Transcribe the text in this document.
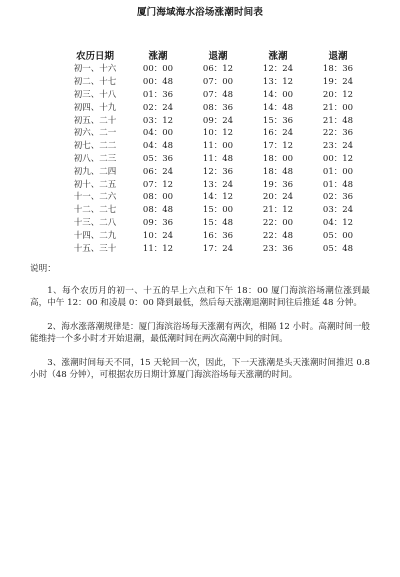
厦门海域海水浴场涨潮时间表
农历日期	涨潮	退潮	涨潮	退潮
初一、十六	00：00	06：12	12：24	18：36
初二、十七	00：48	07：00	13：12	19：24
初三、十八	01：36	07：48	14：00	20：12
初四、十九	02：24	08：36	14：48	21：00
初五、二十	03：12	09：24	15：36	21：48
初六、二一	04：00	10：12	16：24	22：36
初七、二二	04：48	11：00	17：12	23：24
初八、二三	05：36	11：48	18：00	00：12
初九、二四	06：24	12：36	18：48	01：00
初十、二五	07：12	13：24	19：36	01：48
十一、二六	08：00	14：12	20：24	02：36
十二、二七	08：48	15：00	21：12	03：24
十三、二八	09：36	15：48	22：00	04：12
十四、二九	10：24	16：36	22：48	05：00
十五、三十	11：12	17：24	23：36	05：48
说明：

1、每个农历月的初一、十五的早上六点和下午 18：00 厦门海滨浴场潮位涨到最高，中午 12：00 和凌晨 0：00 降到最低，然后每天涨潮退潮时间往后推延 48 分钟。

2、海水涨落潮规律是：厦门海滨浴场每天涨潮有两次，相隔 12 小时。高潮时间一般能维持一个多小时才开始退潮，最低潮时间在两次高潮中间的时间。

3、涨潮时间每天不同，15 天轮回一次，因此，下一天涨潮是头天涨潮时间推迟 0.8 小时（48 分钟），可根据农历日期计算厦门海滨浴场每天涨潮的时间。
